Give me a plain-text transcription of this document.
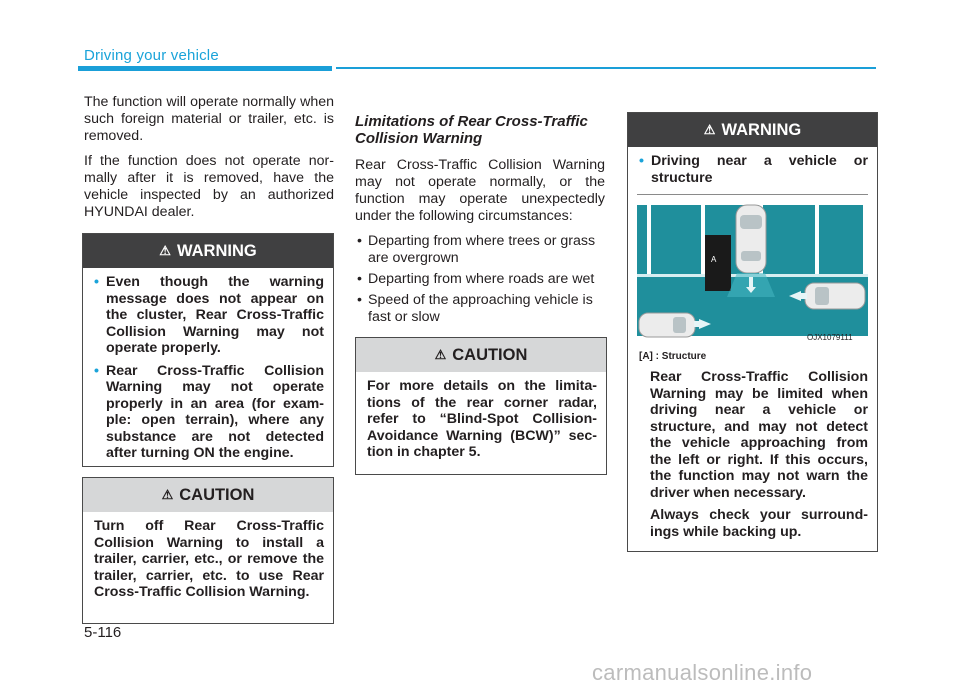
Driving your vehicle

The function will operate normally when such foreign material or trailer, etc. is removed.

If the function does not operate nor-mally after it is removed, have the vehicle inspected by an authorized HYUNDAI dealer.

⚠ WARNING
• Even though the warning message does not appear on the cluster, Rear Cross-Traffic Collision Warning may not operate properly.
• Rear Cross-Traffic Collision Warning may not operate properly in an area (for exam-ple: open terrain), where any substance are not detected after turning ON the engine.
⚠ CAUTION

Turn off Rear Cross-Traffic Collision Warning to install a trailer, carrier, etc., or remove the trailer, carrier, etc. to use Rear Cross-Traffic Collision Warning.

Limitations of Rear Cross-Traffic Collision Warning

Rear Cross-Traffic Collision Warning may not operate normally, or the function may operate unexpectedly under the following circumstances:

• Departing from where trees or grass are overgrown
• Departing from where roads are wet
• Speed of the approaching vehicle is fast or slow
⚠ CAUTION

For more details on the limita-tions of the rear corner radar, refer to “Blind-Spot Collision-Avoidance Warning (BCW)” sec-tion in chapter 5.

⚠ WARNING
• Driving near a vehicle or structure
A
OJX1079111
[A] : Structure

Rear Cross-Traffic Collision Warning may be limited when driving near a vehicle or structure, and may not detect the vehicle approaching from the left or right. If this occurs, the function may not warn the driver when necessary.

Always check your surround-ings while backing up.

5-116
carmanualsonline.info
